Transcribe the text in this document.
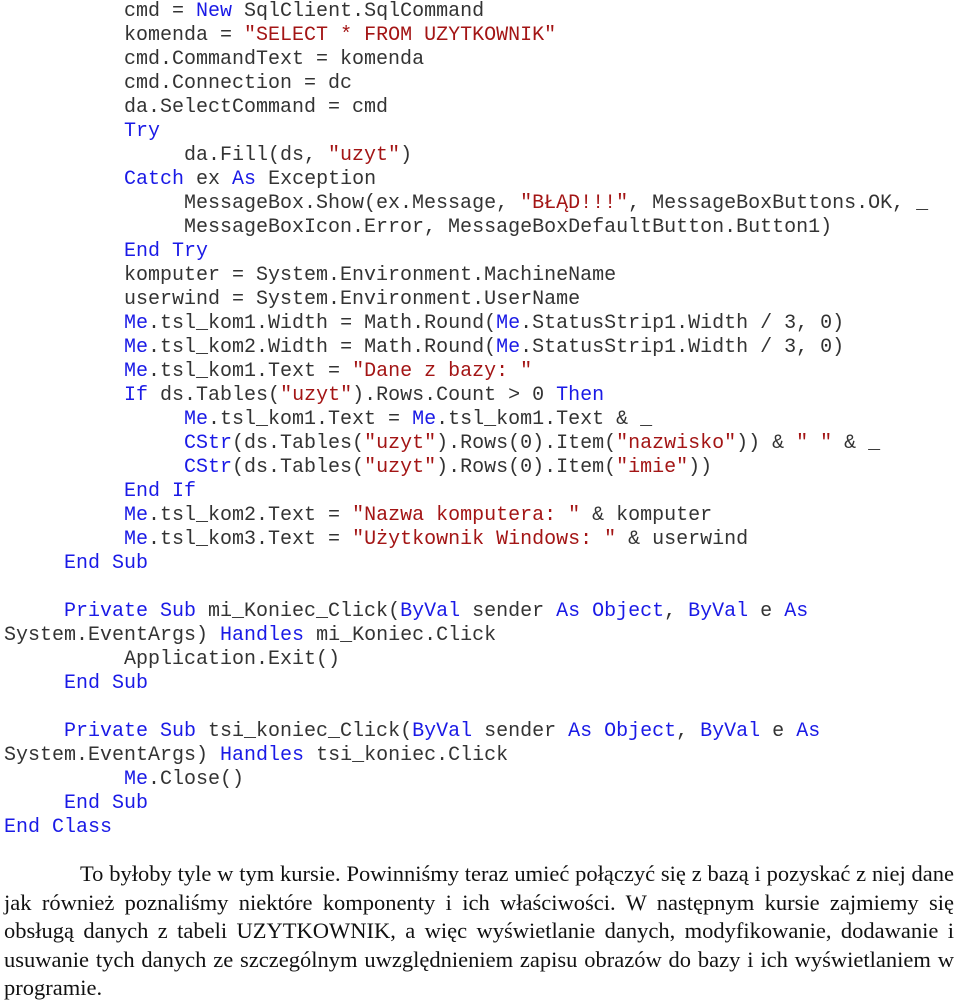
cmd = New SqlClient.SqlCommand
komenda = "SELECT * FROM UZYTKOWNIK"
cmd.CommandText = komenda
cmd.Connection = dc
da.SelectCommand = cmd
Try
da.Fill(ds, "uzyt")
Catch ex As Exception
MessageBox.Show(ex.Message, "BŁĄD!!!", MessageBoxButtons.OK, _
MessageBoxIcon.Error, MessageBoxDefaultButton.Button1)
End Try
komputer = System.Environment.MachineName
userwind = System.Environment.UserName
Me.tsl_kom1.Width = Math.Round(Me.StatusStrip1.Width / 3, 0)
Me.tsl_kom2.Width = Math.Round(Me.StatusStrip1.Width / 3, 0)
Me.tsl_kom1.Text = "Dane z bazy: "
If ds.Tables("uzyt").Rows.Count > 0 Then
Me.tsl_kom1.Text = Me.tsl_kom1.Text & _
CStr(ds.Tables("uzyt").Rows(0).Item("nazwisko")) & " " & _
CStr(ds.Tables("uzyt").Rows(0).Item("imie"))
End If
Me.tsl_kom2.Text = "Nazwa komputera: " & komputer
Me.tsl_kom3.Text = "Użytkownik Windows: " & userwind
End Sub

Private Sub mi_Koniec_Click(ByVal sender As Object, ByVal e As
System.EventArgs) Handles mi_Koniec.Click
Application.Exit()
End Sub

Private Sub tsi_koniec_Click(ByVal sender As Object, ByVal e As
System.EventArgs) Handles tsi_koniec.Click
Me.Close()
End Sub
End Class

To byłoby tyle w tym kursie. Powinniśmy teraz umieć połączyć się z bazą i pozyskać z niej dane jak również poznaliśmy niektóre komponenty i ich właściwości. W następnym kursie zajmiemy się obsługą danych z tabeli UZYTKOWNIK, a więc wyświetlanie danych, modyfikowanie, dodawanie i usuwanie tych danych ze szczególnym uwzględnieniem zapisu obrazów do bazy i ich wyświetlaniem w programie.
